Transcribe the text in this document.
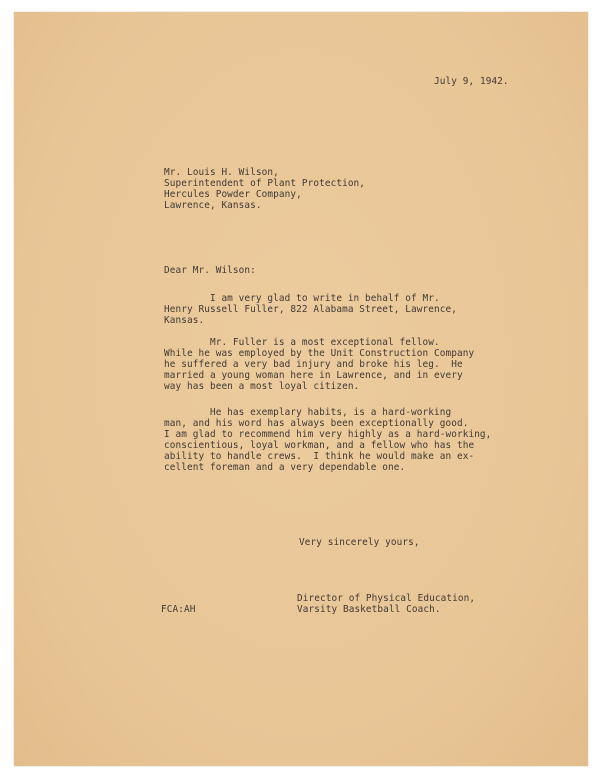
July 9, 1942.
Mr. Louis H. Wilson,
Superintendent of Plant Protection,
Hercules Powder Company,
Lawrence, Kansas.
Dear Mr. Wilson:
I am very glad to write in behalf of Mr.
Henry Russell Fuller, 822 Alabama Street, Lawrence,
Kansas.
Mr. Fuller is a most exceptional fellow.
While he was employed by the Unit Construction Company
he suffered a very bad injury and broke his leg.  He
married a young woman here in Lawrence, and in every
way has been a most loyal citizen.
He has exemplary habits, is a hard-working
man, and his word has always been exceptionally good.
I am glad to recommend him very highly as a hard-working,
conscientious, loyal workman, and a fellow who has the
ability to handle crews.  I think he would make an ex-
cellent foreman and a very dependable one.
Very sincerely yours,
Director of Physical Education,
Varsity Basketball Coach.
FCA:AH
